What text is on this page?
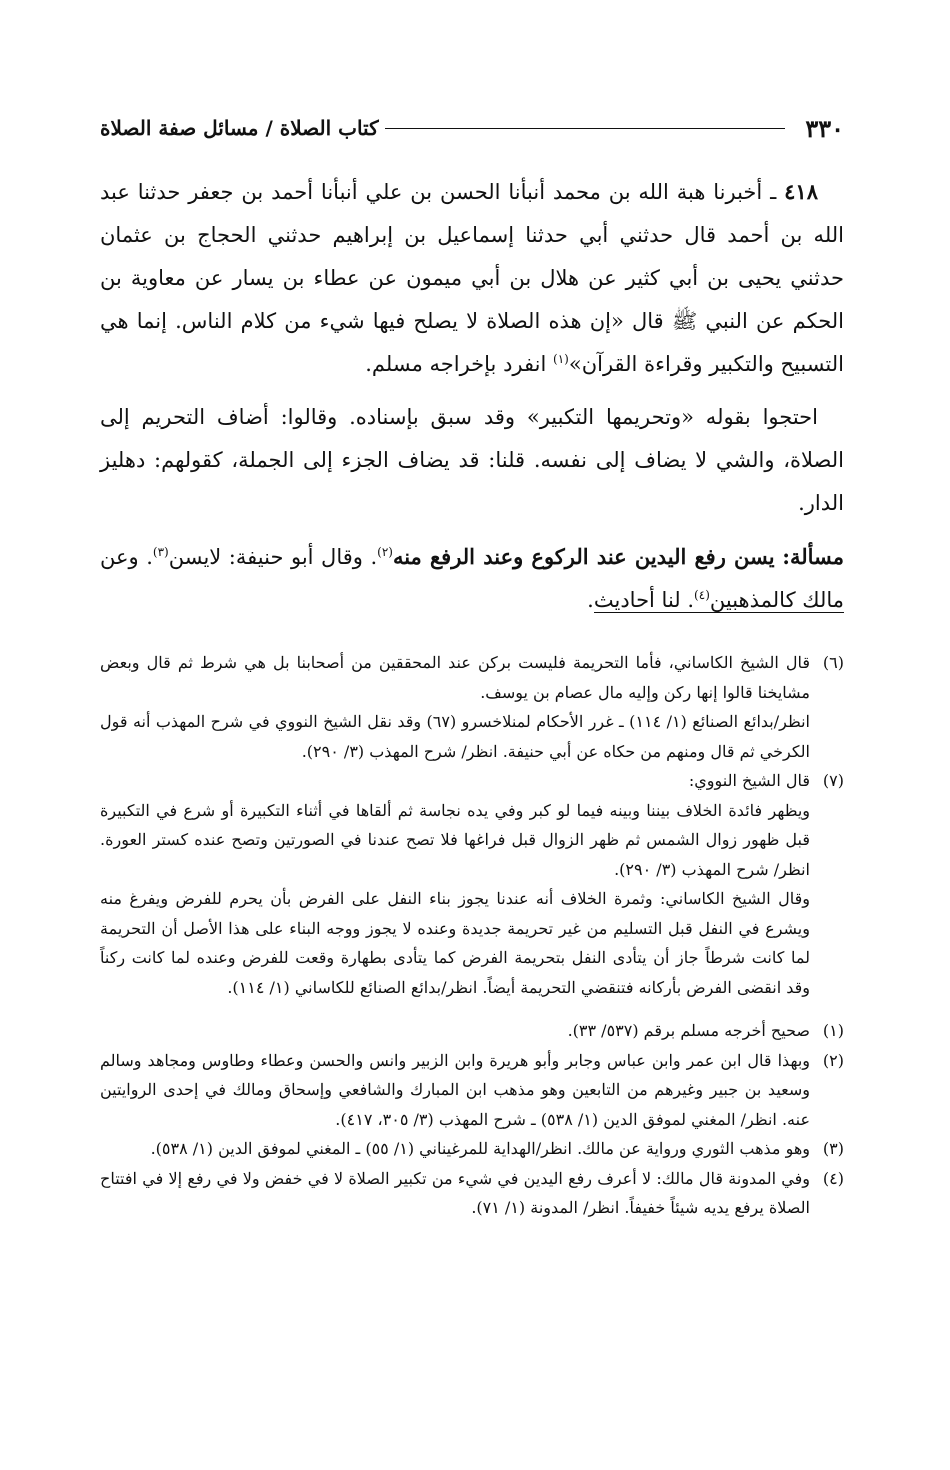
٣٣٠
كتاب الصلاة / مسائل صفة الصلاة

٤١٨ ـ أخبرنا هبة الله بن محمد أنبأنا الحسن بن علي أنبأنا أحمد بن جعفر حدثنا عبد الله بن أحمد قال حدثني أبي حدثنا إسماعيل بن إبراهيم حدثني الحجاج بن عثمان حدثني يحيى بن أبي كثير عن هلال بن أبي ميمون عن عطاء بن يسار عن معاوية بن الحكم عن النبي ﷺ قال «إن هذه الصلاة لا يصلح فيها شيء من كلام الناس. إنما هي التسبيح والتكبير وقراءة القرآن»$^{(١)}$ انفرد بإخراجه مسلم.

احتجوا بقوله «وتحريمها التكبير» وقد سبق بإسناده. وقالوا: أضاف التحريم إلى الصلاة، والشي لا يضاف إلى نفسه. قلنا: قد يضاف الجزء إلى الجملة، كقولهم: دهليز الدار.

مسألة: يسن رفع اليدين عند الركوع وعند الرفع منه$^{(٢)}$. وقال أبو حنيفة: لايسن$^{(٣)}$. وعن مالك كالمذهبين$^{(٤)}$. لنا أحاديث.

(٦)

قال الشيخ الكاساني، فأما التحريمة فليست بركن عند المحققين من أصحابنا بل هي شرط ثم قال وبعض مشايخنا قالوا إنها ركن وإليه مال عصام بن يوسف.

انظر/بدائع الصنائع (١/ ١١٤) ـ غرر الأحكام لمنلاخسرو (٦٧) وقد نقل الشيخ النووي في شرح المهذب أنه قول الكرخي ثم قال ومنهم من حكاه عن أبي حنيفة. انظر/ شرح المهذب (٣/ ٢٩٠).

(٧)

قال الشيخ النووي:

ويظهر فائدة الخلاف بيننا وبينه فيما لو كبر وفي يده نجاسة ثم ألقاها في أثناء التكبيرة أو شرع في التكبيرة قبل ظهور زوال الشمس ثم ظهر الزوال قبل فراغها فلا تصح عندنا في الصورتين وتصح عنده كستر العورة. انظر/ شرح المهذب (٣/ ٢٩٠).

وقال الشيخ الكاساني: وثمرة الخلاف أنه عندنا يجوز بناء النفل على الفرض بأن يحرم للفرض ويفرغ منه ويشرع في النفل قبل التسليم من غير تحريمة جديدة وعنده لا يجوز ووجه البناء على هذا الأصل أن التحريمة لما كانت شرطاً جاز أن يتأدى النفل بتحريمة الفرض كما يتأدى بطهارة وقعت للفرض وعنده لما كانت ركناً وقد انقضى الفرض بأركانه فتنقضي التحريمة أيضاً. انظر/بدائع الصنائع للكاساني (١/ ١١٤).

(١)

صحيح أخرجه مسلم برقم (٥٣٧/ ٣٣).

(٢)

وبهذا قال ابن عمر وابن عباس وجابر وأبو هريرة وابن الزبير وانس والحسن وعطاء وطاوس ومجاهد وسالم وسعيد بن جبير وغيرهم من التابعين وهو مذهب ابن المبارك والشافعي وإسحاق ومالك في إحدى الروايتين عنه. انظر/ المغني لموفق الدين (١/ ٥٣٨) ـ شرح المهذب (٣/ ٣٠٥، ٤١٧).

(٣)

وهو مذهب الثوري ورواية عن مالك. انظر/الهداية للمرغيناني (١/ ٥٥) ـ المغني لموفق الدين (١/ ٥٣٨).

(٤)

وفي المدونة قال مالك: لا أعرف رفع اليدين في شيء من تكبير الصلاة لا في خفض ولا في رفع إلا في افتتاح الصلاة يرفع يديه شيئاً خفيفاً. انظر/ المدونة (١/ ٧١).
